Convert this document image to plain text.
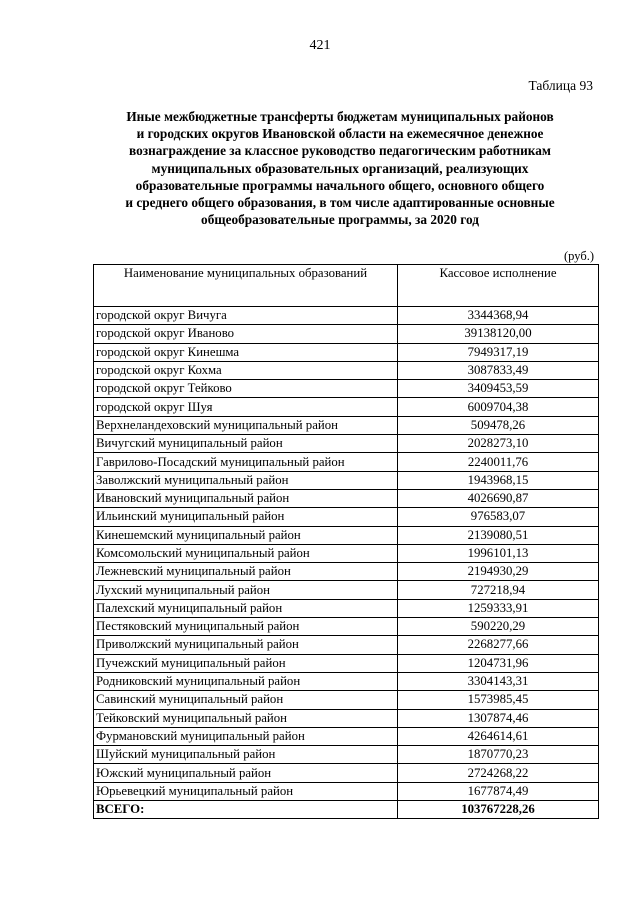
421
Таблица 93
Иные межбюджетные трансферты бюджетам муниципальных районов
и городских округов Ивановской области на ежемесячное денежное
вознаграждение за классное руководство педагогическим работникам
муниципальных образовательных организаций, реализующих
образовательные программы начального общего, основного общего
и среднего общего образования, в том числе адаптированные основные
общеобразовательные программы, за 2020 год
(руб.)
Наименование муниципальных образований	Кассовое исполнение
городской округ Вичуга	3344368,94
городской округ Иваново	39138120,00
городской округ Кинешма	7949317,19
городской округ Кохма	3087833,49
городской округ Тейково	3409453,59
городской округ Шуя	6009704,38
Верхнеландеховский муниципальный район	509478,26
Вичугский муниципальный район	2028273,10
Гаврилово-Посадский муниципальный район	2240011,76
Заволжский муниципальный район	1943968,15
Ивановский муниципальный район	4026690,87
Ильинский муниципальный район	976583,07
Кинешемский муниципальный район	2139080,51
Комсомольский муниципальный район	1996101,13
Лежневский муниципальный район	2194930,29
Лухский муниципальный район	727218,94
Палехский муниципальный район	1259333,91
Пестяковский муниципальный район	590220,29
Приволжский муниципальный район	2268277,66
Пучежский муниципальный район	1204731,96
Родниковский муниципальный район	3304143,31
Савинский муниципальный район	1573985,45
Тейковский муниципальный район	1307874,46
Фурмановский муниципальный район	4264614,61
Шуйский муниципальный район	1870770,23
Южский муниципальный район	2724268,22
Юрьевецкий муниципальный район	1677874,49
ВСЕГО:	103767228,26
